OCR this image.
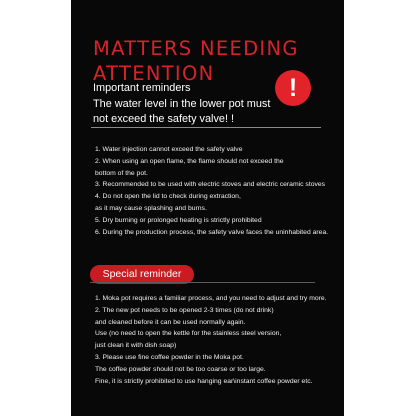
MATTERS NEEDING
ATTENTION
!

Important reminders
The water level in the lower pot must
not exceed the safety valve! !

1. Water injection cannot exceed the safety valve
2. When using an open flame, the flame should not exceed the
bottom of the pot.
3. Recommended to be used with electric stoves and electric ceramic stoves
4. Do not open the lid to check during extraction,
as it may cause splashing and burns.
5. Dry burning or prolonged heating is strictly prohibited
6. During the production process, the safety valve faces the uninhabited area.
Special reminder
1. Moka pot requires a familiar process, and you need to adjust and try more.
2. The new pot needs to be opened 2-3 times (do not drink)
and cleaned before it can be used normally again.
Use (no need to open the kettle for the stainless steel version,
just clean it with dish soap)
3. Please use fine coffee powder in the Moka pot.
The coffee powder should not be too coarse or too large.
Fine, it is strictly prohibited to use hanging ear\instant coffee powder etc.
